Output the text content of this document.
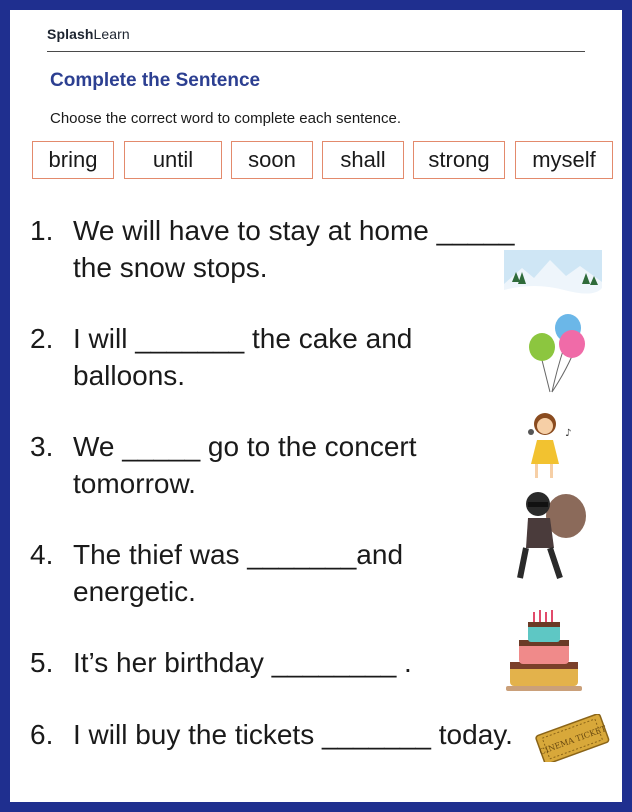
SplashLearn
Complete the Sentence
Choose the correct word to complete each sentence.
bring	until	soon	shall	strong	myself
1. We will have to stay at home _____
the snow stops.
2. I will _______ the cake and
balloons.
3. We _____ go to the concert
tomorrow.
4. The thief was _______and
energetic.
5. It’s her birthday ________ .
6. I will buy the tickets _______ today.
♪
CINEMA TICKET
